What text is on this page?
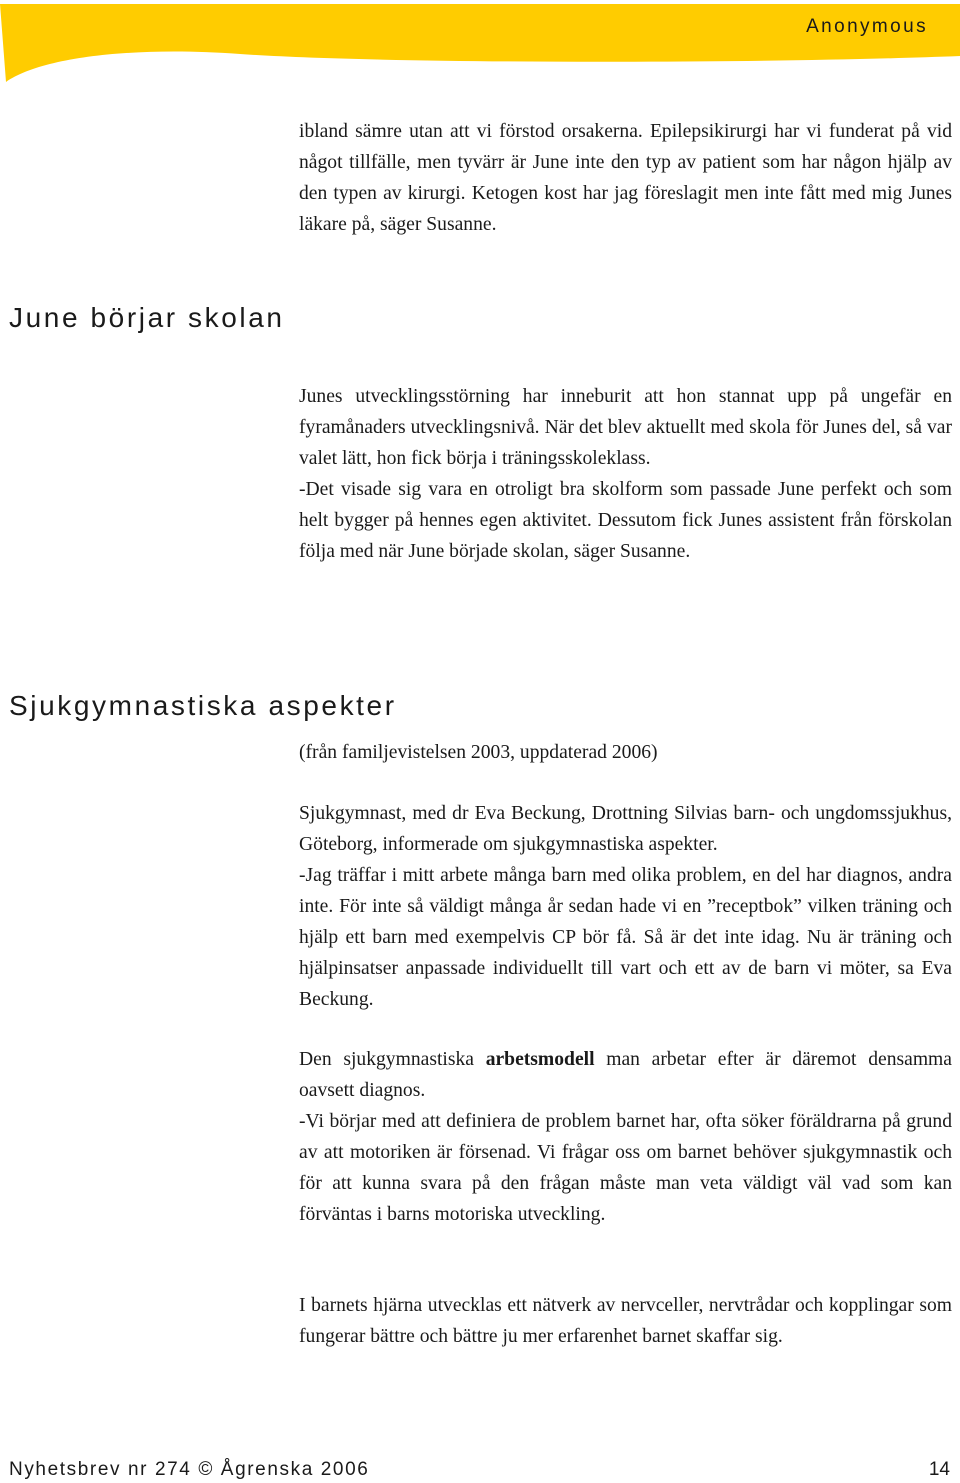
Anonymous

ibland sämre utan att vi förstod orsakerna. Epilepsikirurgi har vi funderat på vid något tillfälle, men tyvärr är June inte den typ av patient som har någon hjälp av den typen av kirurgi. Ketogen kost har jag föreslagit men inte fått med mig Junes läkare på, säger Susanne.

June börjar skolan

Junes utvecklingsstörning har inneburit att hon stannat upp på ungefär en fyramånaders utvecklingsnivå. När det blev aktuellt med skola för Junes del, så var valet lätt, hon fick börja i träningsskoleklass.

-Det visade sig vara en otroligt bra skolform som passade June perfekt och som helt bygger på hennes egen aktivitet. Dessutom fick Junes assistent från förskolan följa med när June började skolan, säger Susanne.

Sjukgymnastiska aspekter

(från familjevistelsen 2003, uppdaterad 2006)

Sjukgymnast, med dr Eva Beckung, Drottning Silvias barn- och ungdomssjukhus, Göteborg, informerade om sjukgymnastiska aspekter.

-Jag träffar i mitt arbete många barn med olika problem, en del har diagnos, andra inte. För inte så väldigt många år sedan hade vi en ”receptbok” vilken träning och hjälp ett barn med exempelvis CP bör få. Så är det inte idag. Nu är träning och hjälpinsatser anpassade individuellt till vart och ett av de barn vi möter, sa Eva Beckung.

Den sjukgymnastiska arbetsmodell man arbetar efter är däremot densamma oavsett diagnos.

-Vi börjar med att definiera de problem barnet har, ofta söker föräldrarna på grund av att motoriken är försenad. Vi frågar oss om barnet behöver sjukgymnastik och för att kunna svara på den frågan måste man veta väldigt väl vad som kan förväntas i barns motoriska utveckling.

I barnets hjärna utvecklas ett nätverk av nervceller, nervtrådar och kopplingar som fungerar bättre och bättre ju mer erfarenhet barnet skaffar sig.

Nyhetsbrev nr 274 © Ågrenska 2006	14
